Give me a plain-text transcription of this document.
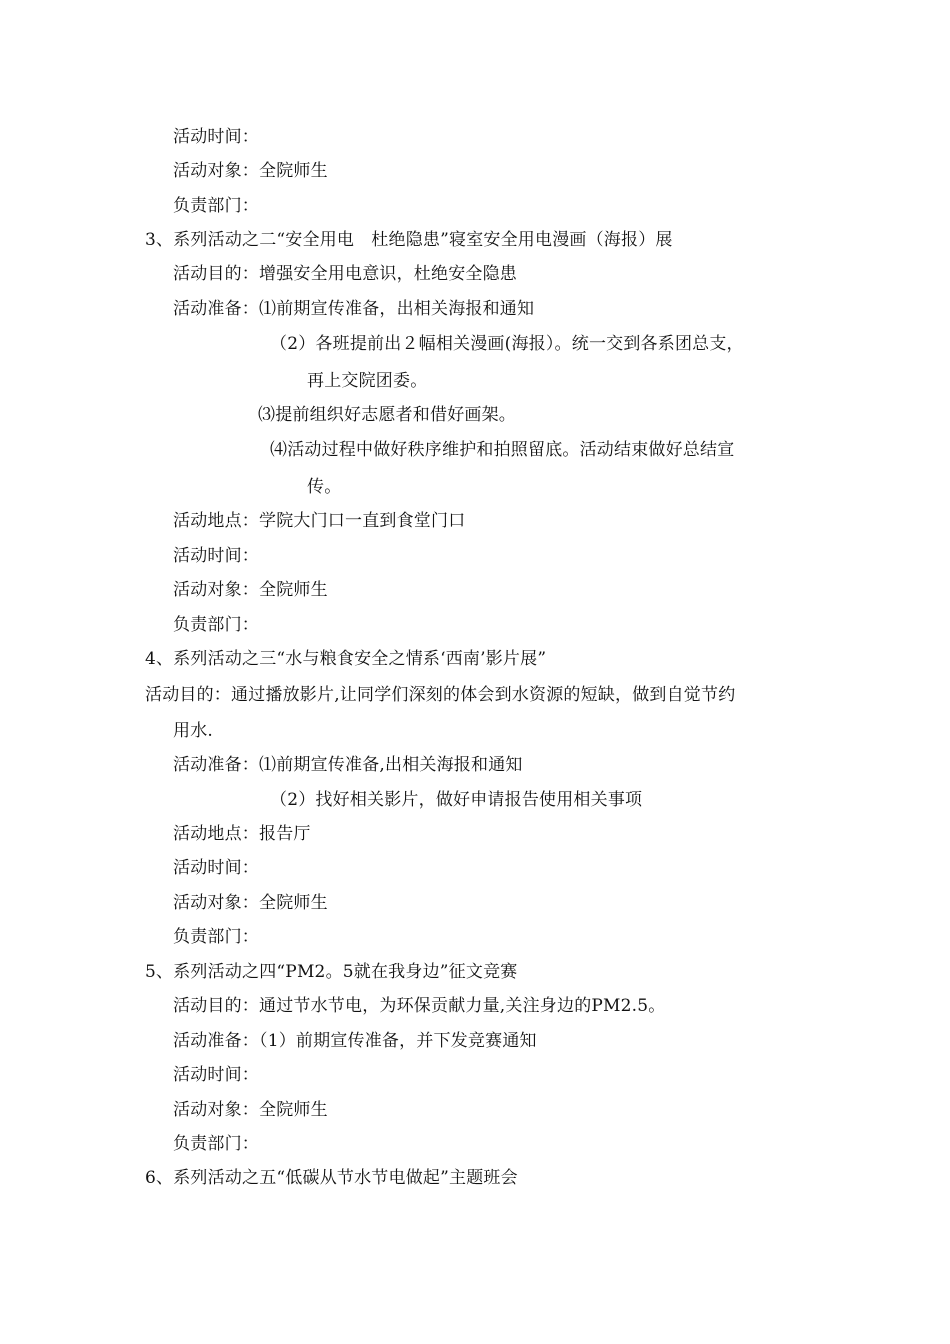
活动时间：
活动对象：全院师生
负责部门：
3、系列活动之二“安全用电　杜绝隐患”寝室安全用电漫画（海报）展
活动目的：增强安全用电意识，杜绝安全隐患
活动准备：⑴前期宣传准备，出相关海报和通知
（2）各班提前出２幅相关漫画(海报）。统一交到各系团总支，
再上交院团委。
⑶提前组织好志愿者和借好画架。
⑷活动过程中做好秩序维护和拍照留底。活动结束做好总结宣
传。
活动地点：学院大门口一直到食堂门口
活动时间：
活动对象：全院师生
负责部门：
4、系列活动之三“水与粮食安全之情系‘西南’影片展”
活动目的：通过播放影片,让同学们深刻的体会到水资源的短缺，做到自觉节约
用水.
活动准备：⑴前期宣传准备,出相关海报和通知
（2）找好相关影片，做好申请报告使用相关事项
活动地点：报告厅
活动时间：
活动对象：全院师生
负责部门：
5、系列活动之四“PM2。5就在我身边”征文竞赛
活动目的：通过节水节电，为环保贡献力量,关注身边的PM2.5。
活动准备：（1）前期宣传准备，并下发竞赛通知
活动时间：
活动对象：全院师生
负责部门：
6、系列活动之五“低碳从节水节电做起”主题班会
